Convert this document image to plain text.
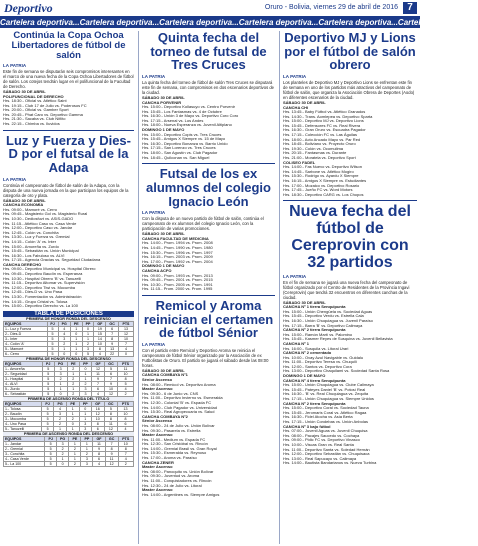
Deportivo	Oruro - Bolivia, viernes 29 de abril de 2016 7
Cartelera deportiva...Cartelera deportiva...Cartelera deportiva...Cartelera deportiva...Cartelera deportiva...Cartelera deportiva...
Continúa la Copa Ochoa Libertadores de fútbol de salón
LA PATRIA
Este fin de semana se disputarán seis compromisos interesantes en el marco de una nueva fecha de la Copa Ochoa Libertadores de fútbol de salón. Los cotejos tendrán lugar en el polifuncional de la Facultad de Derecho.
SÁBADO 30 DE ABRIL
POLIFUNCIONAL DE DERECHO
Hrs. 18:30.- Oficial vs. Atlético Saint
Hrs. 19:15.- Club 17 de Julio vs. Poderosos FC
Hrs. 20:00.- Oficial vs. Gamber Sport
Hrs. 20:45.- Phat Caro vs. Deportivo Gamma
Hrs. 21:30.- Sacaba vs. Club Niñito
Hrs. 22:15.- Chimba vs. Iluvidos
Luz y Fuerza y Dies-D por el futsal de la Adapa
LA PATRIA
Continúa el campeonato de fútbol de salón de la Adapa, con la disputa de una nueva jornada en la que participan los equipos de la categoría de oro y plata.
SÁBADO 30 DE ABRIL
CANCHA ECONOMÍA
Hrs. 09:00.- Mamoré vs. Cerro
Hrs. 09:45.- Magisterio Gol vs. Magisterio Rural
Hrs. 10:30.- Dediosfuvt vs. ASIS-GADO
Hrs. 11:15.- Atlético Caso vs. Casa Verde
Hrs. 12:00.- Deportivo Caso vs. Jandar
Hrs. 12:45.- Colón vs. Conchita
Hrs. 13:30.- Luz y Fuerza vs. Gremial
Hrs. 14:15.- Colón 'A' vs. Inter
Hrs. 15:00.- Amoreña vs. Zurdo
Hrs. 15:45.- Sebastián vs. Unión Municipal
Hrs. 16:30.- Los Fabuloso vs. ALVI
Hrs. 17:15.- Agencia Gracias vs. Seguridad Ciudadana
CANCHA DERECHO
Hrs. 09:00.- Deportivo Municipal vs. Hospital Obrero
Hrs. 09:45.- Deportivo Baudín vs. Esperanza
Hrs. 10:30.- Hospital Obrero 'B' vs. Tanuzelli
Hrs. 11:15.- Deportivo Altomar vs. Supervisión
Hrs. 12:00.- Deportivo Tiwi vs. Mocumba
Hrs. 12:45.- Dies-D vs. Uno Pasa
Hrs. 13:30.- Fomentación vs. Administración
Hrs. 14:15.- Grupo Cristal vs. Tolosa
Hrs. 15:00.- Deportivo Derecho vs. La 100
TABLA DE POSICIONES
PRIMERA DE HONOR RONDA DEL DESCENSO
EQUIPOS	PJ	PG	PE	PP	GF	GC	PTS
1.- Luz y Fuerza	5	4	1	0	19	6	13
2.- Dies-D	5	4	0	1	15	7	12
3.- Inter	5	3	1	1	14	8	10
4.- Colón 'A'	5	2	1	2	10	9	7
5.- Mamoré	5	1	1	3	8	13	4
6.- Cerro	5	0	0	5	4	22	0
PRIMERA DE HONOR RONDA DEL DESCENSO
EQUIPOS	PJ	PG	PE	PP	GF	GC	PTS
1.- Amoreña	5	3	2	0	12	5	11
2.- Seguridad	5	3	1	1	11	6	10
3.- Hospital	5	2	2	1	9	7	8
4.- ALVI	5	1	2	2	7	9	5
5.- Zurdo	5	1	1	3	6	10	4
6.- Sebastián	5	0	2	3	4	12	2
PRIMERA DE ASCENSO RONDA DEL TÍTULO
EQUIPOS	PJ	PG	PE	PP	GF	GC	PTS
1.- Tolosa	5	4	1	0	16	5	13
2.- Baudín	5	3	1	1	12	8	10
3.- Mocumba	5	2	2	1	10	8	8
4.- Uno Pasa	5	2	0	3	8	11	6
5.- Tanuzelli	5	1	1	3	6	12	4
PRIMERA DE ASCENSO RONDA DEL DESCENSO
EQUIPOS	PJ	PG	PE	PP	GF	GC	PTS
1.- Jandar	5	3	1	1	11	7	10
2.- Gremial	5	2	2	1	9	8	8
3.- Conchita	5	2	1	2	8	9	7
4.- Casa Verde	5	1	1	3	6	11	4
5.- La 100	5	0	2	3	4	12	2
Quinta fecha del torneo de futsal de Tres Cruces
LA PATRIA
La quinta fecha del torneo de fútbol de salón Tres Cruces se disputará este fin de semana, con compromisos en dos escenarios deportivos de la ciudad.
SÁBADO 30 DE ABRIL
CANCHA PORVENIR
Hrs. 15:00.- Deportivo Kollasuyo vs. Centro Porvenir
Hrs. 15:45.- Los Fantasmas vs. 4 de Octubre
Hrs. 16:30.- Unión 3 de Mayo vs. Deportivo Coro Coro
Hrs. 17:15.- Arsenal vs. Los Andes
Hrs. 18:00.- Nueva Esperanza vs. Juvenil Altiplano
DOMINGO 1 DE MAYO
Hrs. 15:00.- Deportivo Copis vs. Tres Cruces
Hrs. 15:45.- Amigos X Siempre vs. 15 de Mayo
Hrs. 16:30.- Deportivo Bonanza vs. Barrio Unido
Hrs. 17:15.- San Lorenzo vs. Tres Cruces
Hrs. 18:00.- San Agustín vs. Club Pagador
Hrs. 18:45.- Quilconan vs. San Miguel
Futsal de los ex alumnos del colegio Ignacio León
LA PATRIA
Con la disputa de un nuevo partido de fútbol de salón, continúa el campeonato de ex alumnos del colegio Ignacio León, con la participación de varias promociones.
SÁBADO 30 DE ABRIL
CANCHA FACULTAD DE MEDICINA
Hrs. 14:00.- Prom. 1994 vs. Prom. 2008
Hrs. 14:45.- Prom. 1990 vs. Prom. 1980
Hrs. 15:30.- Prom. 1996 vs. Prom. 1997
Hrs. 16:15.- Prom. 2003 vs. Prom. 2009
Hrs. 17:00.- Prom. 1992 vs. Prom. 2004
DOMINGO 1 DE MAYO
CANCHA ACFO
Hrs. 09:00.- Prom. 1993 vs. Prom. 2013
Hrs. 09:45.- Prom. 2001 vs. Prom. 2015
Hrs. 10:30.- Prom. 2005 vs. Prom. 1991
Hrs. 11:15.- Prom. 2000 vs. Prom. 1995
Remicol y Aroma reinician el certamen de fútbol Sénior
LA PATRIA
Con el partido entre Remicol y Deportivo Aroma se reinicia el campeonato de fútbol Sénior organizado por la Asociación de ex Futbolistas de Oruro. El partido se jugará el sábado desde las 08:00 horas.
SÁBADO 30 DE ABRIL
CANCHA COMBAYA N°1
Sénior Ascenso
Hrs. 08:00.- Remicol vs. Deportivo Aroma
Master Ascenso
Hrs. 09:30.- 6 de Junio vs. CNS
Hrs. 11:00.- Deportivo Invierno vs. Esmeralda
Hrs. 12:30.- Colonial 'B' vs. Espada FC
Hrs. 14:00.- Club Pagador vs. Universidad
Hrs. 15:30.- Real Agropecuaria vs. Salud
CANCHA COMBAYA N°2
Sénior Ascenso
Hrs. 08:00.- 24 de Julio vs. Unión Bolívar
Hrs. 09:30.- Pasarela vs. Estrella
Master Ascenso
Hrs. 11:00.- Medium vs. Espada FC
Hrs. 12:30.- San Cristóbal vs. Rincón
Hrs. 14:00.- Gremial Brasil vs. Gran Royal
Hrs. 15:30.- Esmeralda vs. Reynoso
Hrs. 17:00.- Aroma vs. Paraíso
CANCHA ZENER
Master Ascenso
Hrs. 08:00.- Panoquito vs. Unión Bolívar
Hrs. 09:30.- Juventud vs. Aroma
Hrs. 11:00.- Conquistadores vs. Rincón
Hrs. 12:30.- 24 de Julio vs. Litoral
Master Ascenso
Hrs. 14:00.- Argentines vs. Siempre Amigos
Deportivo MJ y Lions por el fútbol de salón obrero
LA PATRIA
Los planteles de Deportivo MJ y Deportivo Lions se enfrentan este fin de semana en uno de los partidos más atractivos del campeonato de fútbol de salón, que organiza la Asociación Obrera de Deportes (Aodo) en diferentes escenarios de la ciudad.
SÁBADO 30 DE ABRIL
CANCHA CHI
Hrs. 13:45.- Baby Fútbol vs. Atlético Granados
Hrs. 14:30.- Trans. Aomlepea vs. Deportivo Sparta
Hrs. 15:00.- Deportivo MJ vs. Deportivo Lions
Hrs. 15:45.- Defensores FC vs. Real Rivera
Hrs. 16:30.- Gran Oruro vs. Escuadra Pagador
Hrs. 17:15.- Colección FC vs. Las Águilas
Hrs. 18:00.- Acto Ancado Mayo vs. Par Red
Hrs. 18:45.- Boliviano vs. Proyecto Oruro
Hrs. 19:30.- Colón vs. Ocomulima
Hrs. 20:15.- Fantasmas vs. Durante
Hrs. 21:00.- Moratela vs. Deportivo Sport
COLISEO FADEL
Hrs. 14:00.- Fas Nuevo vs. Deportivo Wilson
Hrs. 14:45.- Sarbone vs. Atlético Mogiro
Hrs. 15:30.- Rodrigo vs. Ayardu X Siempre
Hrs. 16:15.- Amigos X Siempre vs. Estudiantes
Hrs. 17:00.- Mozalco vs. Deportivo Rosario
Hrs. 17:45.- Jueño FC vs. Word Motors
Hrs. 18:30.- Deportivo CARG vs. Los Chopos
Nueva fecha del fútbol de Cereprovin con 32 partidos
LA PATRIA
En el fin de semana se jugará una nueva fecha del campeonato de fútbol organizado por el Centro de Residentes de la Provincia Ingavi (Cereprovin) que tendrá 32 encuentros en diferentes canchas de la ciudad.
SÁBADO 30 DE ABRIL
CANCHA Nº 1 tierra Senquipunta
Hrs. 15:00.- Unión Chengüela vs. Sociedad Aguas
Hrs. 15:45.- Deportivo Verdu vs. Estrella Cala
Hrs. 16:30.- Unión Chuquiagua vs. Juvenil Paraíso
Hrs. 17:15.- Barra 'B' vs. Deportivo Calimaya
CANCHA Nº 2 tierra Senquipunta
Hrs. 15:00.- Ramón Martí vs. Palomino
Hrs. 15:45.- Kasmer Reyes de Susquina vs. Juvenil Bellavista
CANCHA Nº 1
Hrs. 16:00.- Susquila vs. Litoral Urari
CANCHA Nº 2 cementado
Hrs. 10:00.- Ovay Azul Navigable vs. Guidalu
Hrs. 11:00.- Deportivo Teresa vs. Chuquilí
Hrs. 12:00.- Santos vs. Deportivo Cora
Hrs. 13:00.- Deportivo Chaquilami vs. Sociedad Santa Rosa
DOMINGO 1 DE MAYO
CANCHA Nº 4 tierra Senquipunta
Hrs. 15:00.- Unión Chuquiagua vs. Clube Calimaya
Hrs. 15:45.- Pateyes Daniel 'B' vs. Potosí Real
Hrs. 16:30.- 'B' vs. Real Chuquiagua vs. Zequita
Hrs. 17:15.- Unión Chuquiagua vs. Siempre Unidos
CANCHA Nº 2 tierra Senquipunta
Hrs. 15:00.- Deportivo Coral vs. Sociedad Tauna
Hrs. 15:45.- Jeromaris Coral vs. Atlético Ragaa
Hrs. 16:30.- Fidel Atocha vs. Asia Berta
Hrs. 17:15.- Unión Condebas vs. Unión Anbolas
CANCHA Nº 3 bajo fútbol
Hrs. 07:00.- Juvenil Aguas vs. Juvenil Chuquisa
Hrs. 08:00.- Pacajes Saucedo vs. Cochaya
Hrs. 09:00.- Pidic FC vs. Deportivo Vinasco
Hrs. 10:00.- Viscas Gran vs. Real Santa
Hrs. 11:00.- Deportivo Santa vs. Soledad Hernán
Hrs. 12:00.- Deportivo Sebastián vs. Chuquisaca
Hrs. 13:00.- Real Sapucayo vs. Calimaya
Hrs. 14:00.- Bautista Bandarianos vs. Nueva Turbina
